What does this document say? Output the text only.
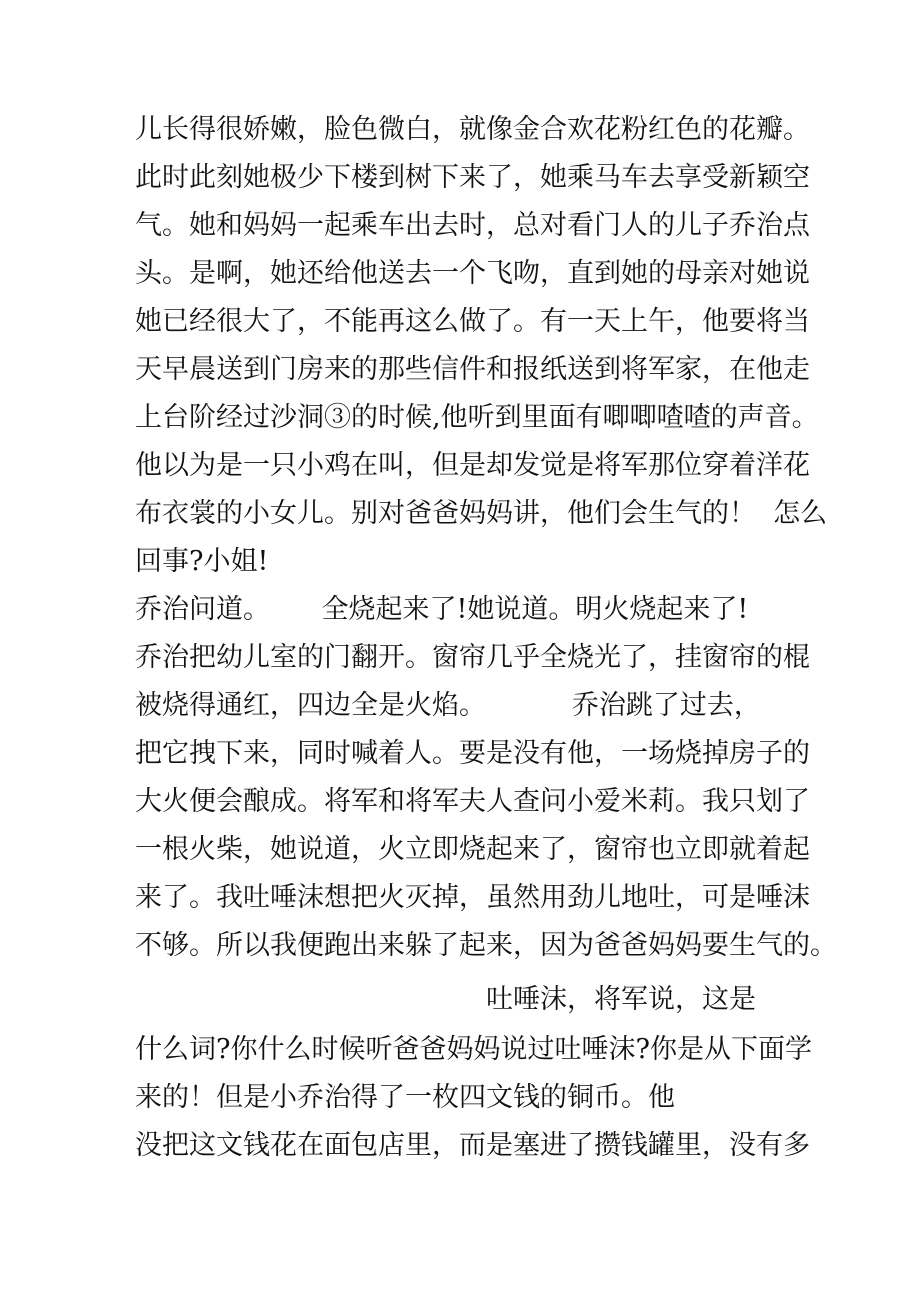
儿长得很娇嫩，脸色微白，就像金合欢花粉红色的花瓣。
此时此刻她极少下楼到树下来了，她乘马车去享受新颖空
气。她和妈妈一起乘车出去时，总对看门人的儿子乔治点
头。是啊，她还给他送去一个飞吻，直到她的母亲对她说
她已经很大了，不能再这么做了。有一天上午，他要将当
天早晨送到门房来的那些信件和报纸送到将军家，在他走
上台阶经过沙洞③的时候,他听到里面有唧唧喳喳的声音。
他以为是一只小鸡在叫，但是却发觉是将军那位穿着洋花
布衣裳的小女儿。别对爸爸妈妈讲，他们会生气的！  怎么
回事?小姐!
乔治问道。      全烧起来了!她说道。明火烧起来了!
乔治把幼儿室的门翻开。窗帘几乎全烧光了，挂窗帘的棍
被烧得通红，四边全是火焰。          乔治跳了过去，
把它拽下来，同时喊着人。要是没有他，一场烧掉房子的
大火便会酿成。将军和将军夫人查问小爱米莉。我只划了
一根火柴，她说道，火立即烧起来了，窗帘也立即就着起
来了。我吐唾沫想把火灭掉，虽然用劲儿地吐，可是唾沫
不够。所以我便跑出来躲了起来，因为爸爸妈妈要生气的。
吐唾沫，将军说，这是
什么词?你什么时候听爸爸妈妈说过吐唾沫?你是从下面学
来的！但是小乔治得了一枚四文钱的铜币。他
没把这文钱花在面包店里，而是塞进了攒钱罐里，没有多
